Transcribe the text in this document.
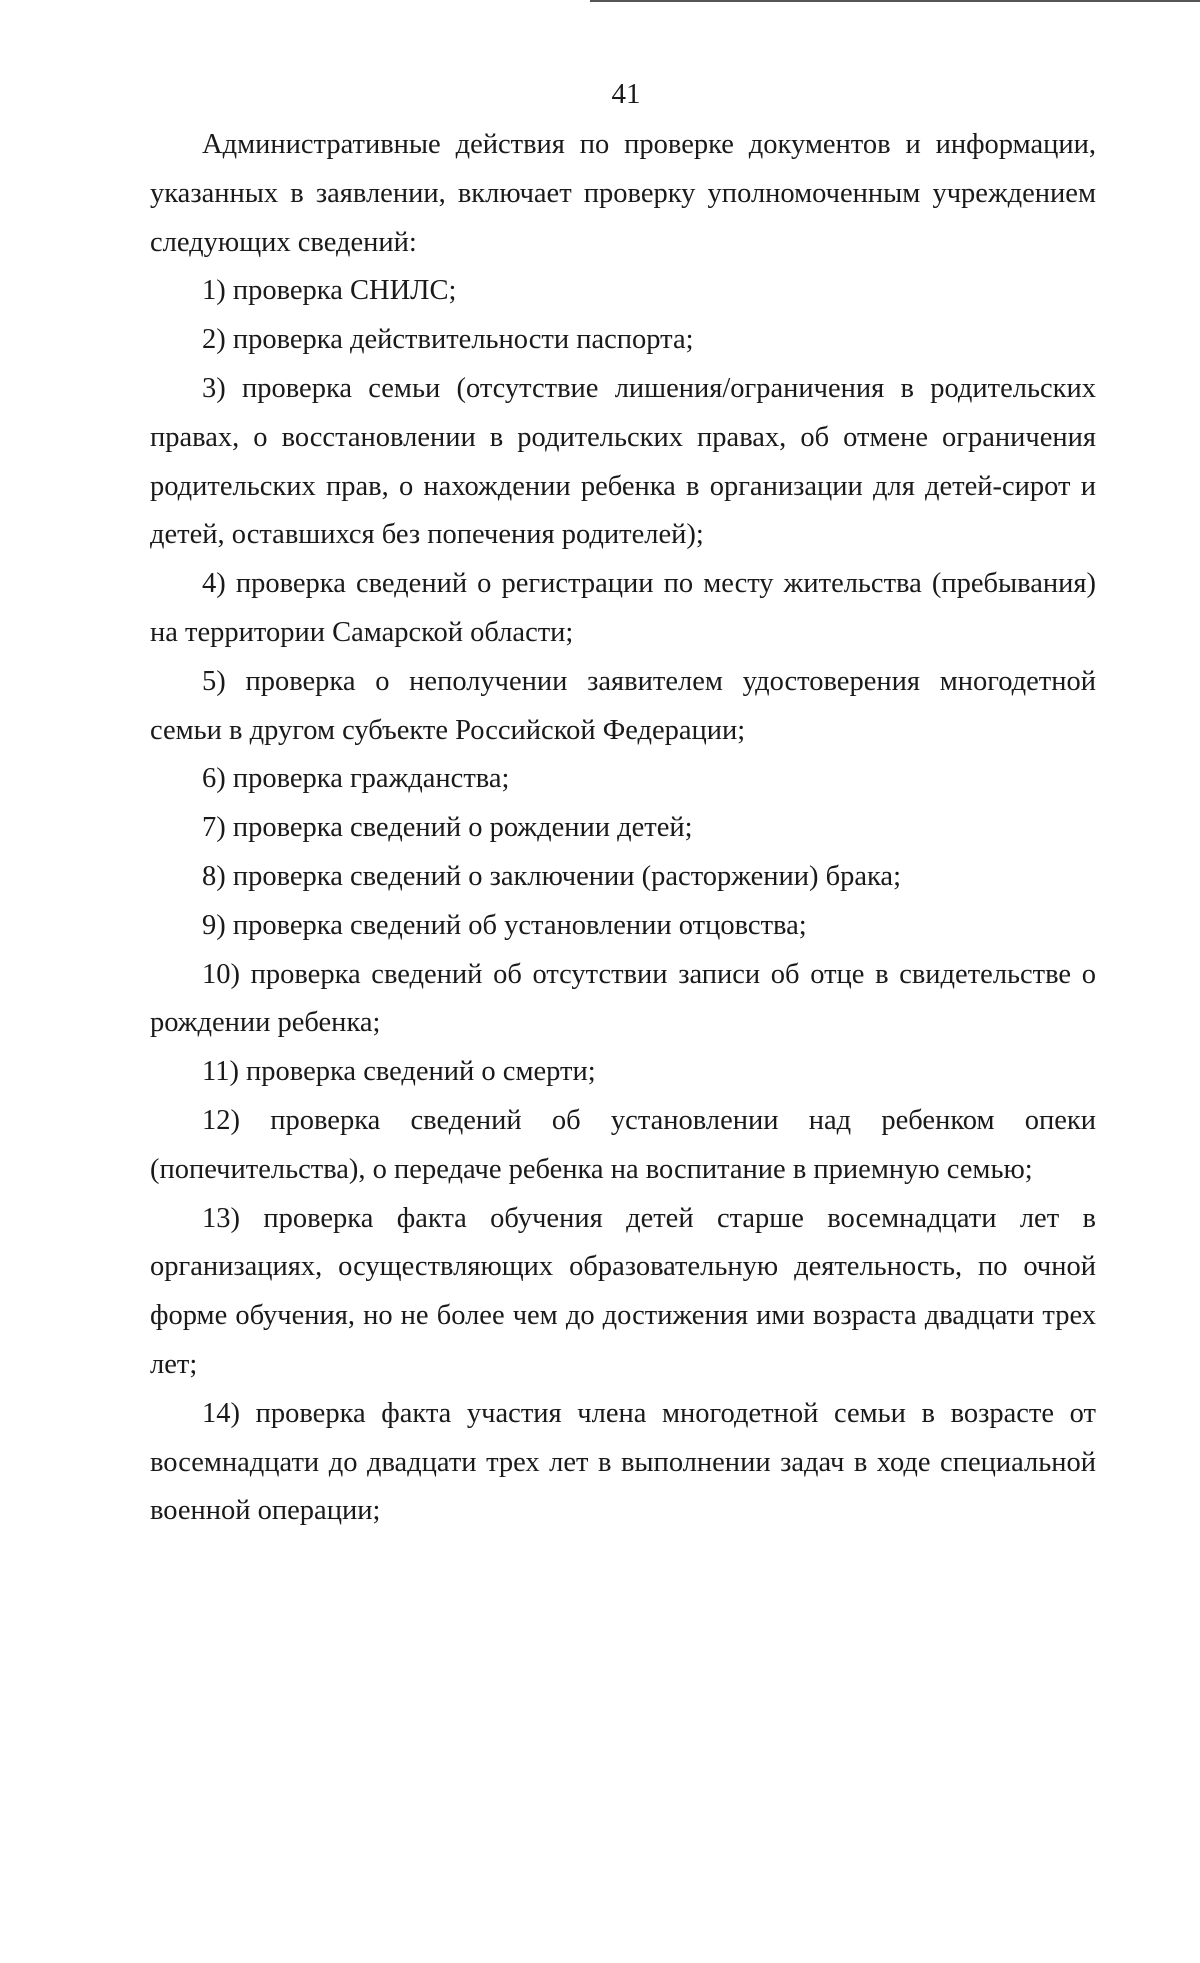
41

Административные действия по проверке документов и информации, указанных в заявлении, включает проверку уполномоченным учреждением следующих сведений:

1) проверка СНИЛС;

2) проверка действительности паспорта;

3) проверка семьи (отсутствие лишения/ограничения в родительских правах, о восстановлении в родительских правах, об отмене ограничения родительских прав, о нахождении ребенка в организации для детей-сирот и детей, оставшихся без попечения родителей);

4) проверка сведений о регистрации по месту жительства (пребывания) на территории Самарской области;

5) проверка о неполучении заявителем удостоверения многодетной семьи в другом субъекте Российской Федерации;

6) проверка гражданства;

7) проверка сведений о рождении детей;

8) проверка сведений о заключении (расторжении) брака;

9) проверка сведений об установлении отцовства;

10) проверка сведений об отсутствии записи об отце в свидетельстве о рождении ребенка;

11) проверка сведений о смерти;

12) проверка сведений об установлении над ребенком опеки (попечительства), о передаче ребенка на воспитание в приемную семью;

13) проверка факта обучения детей старше восемнадцати лет в организациях, осуществляющих образовательную деятельность, по очной форме обучения, но не более чем до достижения ими возраста двадцати трех лет;

14) проверка факта участия члена многодетной семьи в возрасте от восемнадцати до двадцати трех лет в выполнении задач в ходе специальной военной операции;
